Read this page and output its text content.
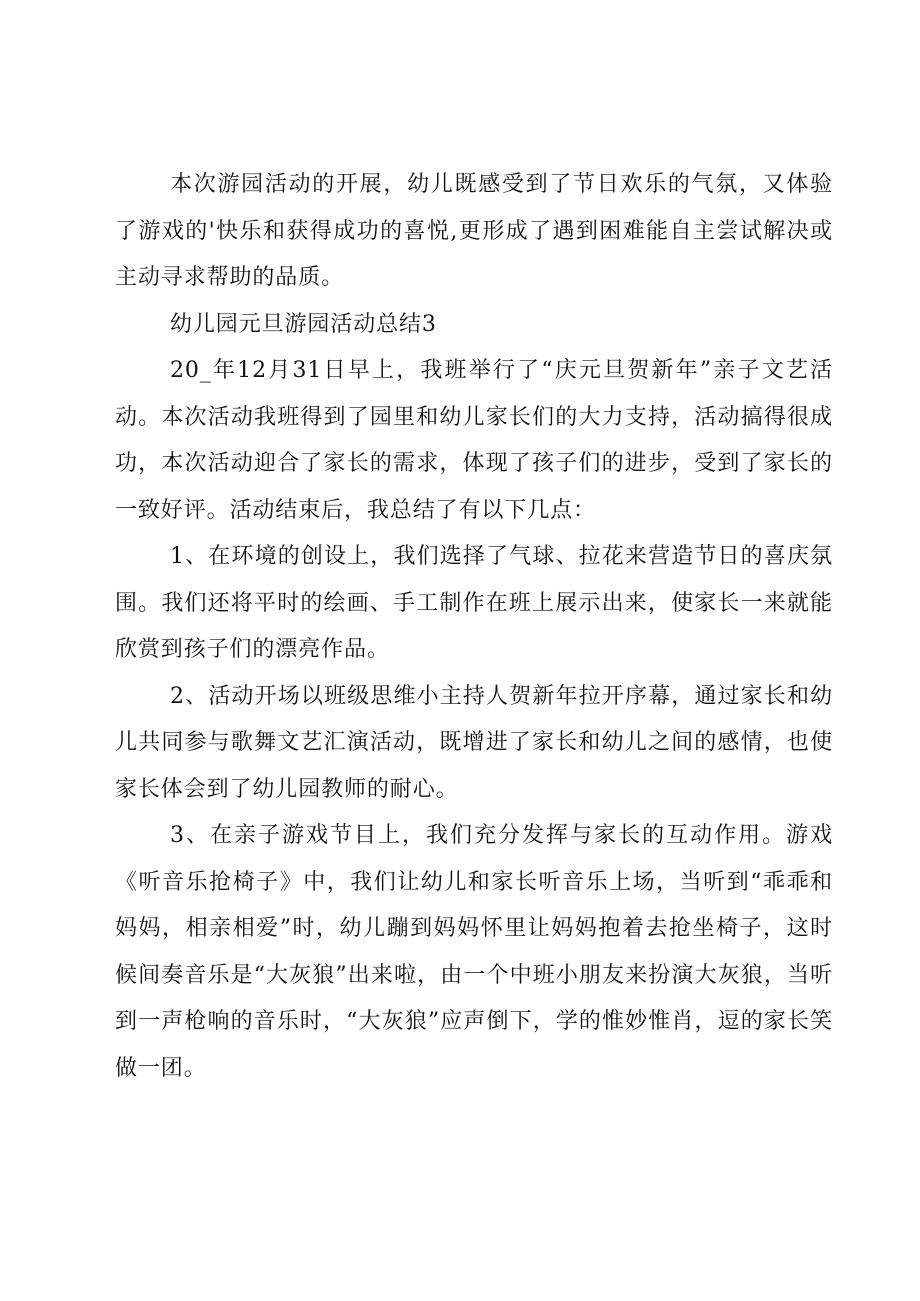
本次游园活动的开展，幼儿既感受到了节日欢乐的气氛，又体验了游戏的'快乐和获得成功的喜悦,更形成了遇到困难能自主尝试解决或主动寻求帮助的品质。

幼儿园元旦游园活动总结3

20_年12月31日早上，我班举行了“庆元旦贺新年”亲子文艺活动。本次活动我班得到了园里和幼儿家长们的大力支持，活动搞得很成功，本次活动迎合了家长的需求，体现了孩子们的进步，受到了家长的一致好评。活动结束后，我总结了有以下几点：

1、在环境的创设上，我们选择了气球、拉花来营造节日的喜庆氛围。我们还将平时的绘画、手工制作在班上展示出来，使家长一来就能欣赏到孩子们的漂亮作品。

2、活动开场以班级思维小主持人贺新年拉开序幕，通过家长和幼儿共同参与歌舞文艺汇演活动，既增进了家长和幼儿之间的感情，也使家长体会到了幼儿园教师的耐心。

3、在亲子游戏节目上，我们充分发挥与家长的互动作用。游戏《听音乐抢椅子》中，我们让幼儿和家长听音乐上场，当听到“乖乖和妈妈，相亲相爱”时，幼儿蹦到妈妈怀里让妈妈抱着去抢坐椅子，这时候间奏音乐是“大灰狼”出来啦，由一个中班小朋友来扮演大灰狼，当听到一声枪响的音乐时，“大灰狼”应声倒下，学的惟妙惟肖，逗的家长笑做一团。
